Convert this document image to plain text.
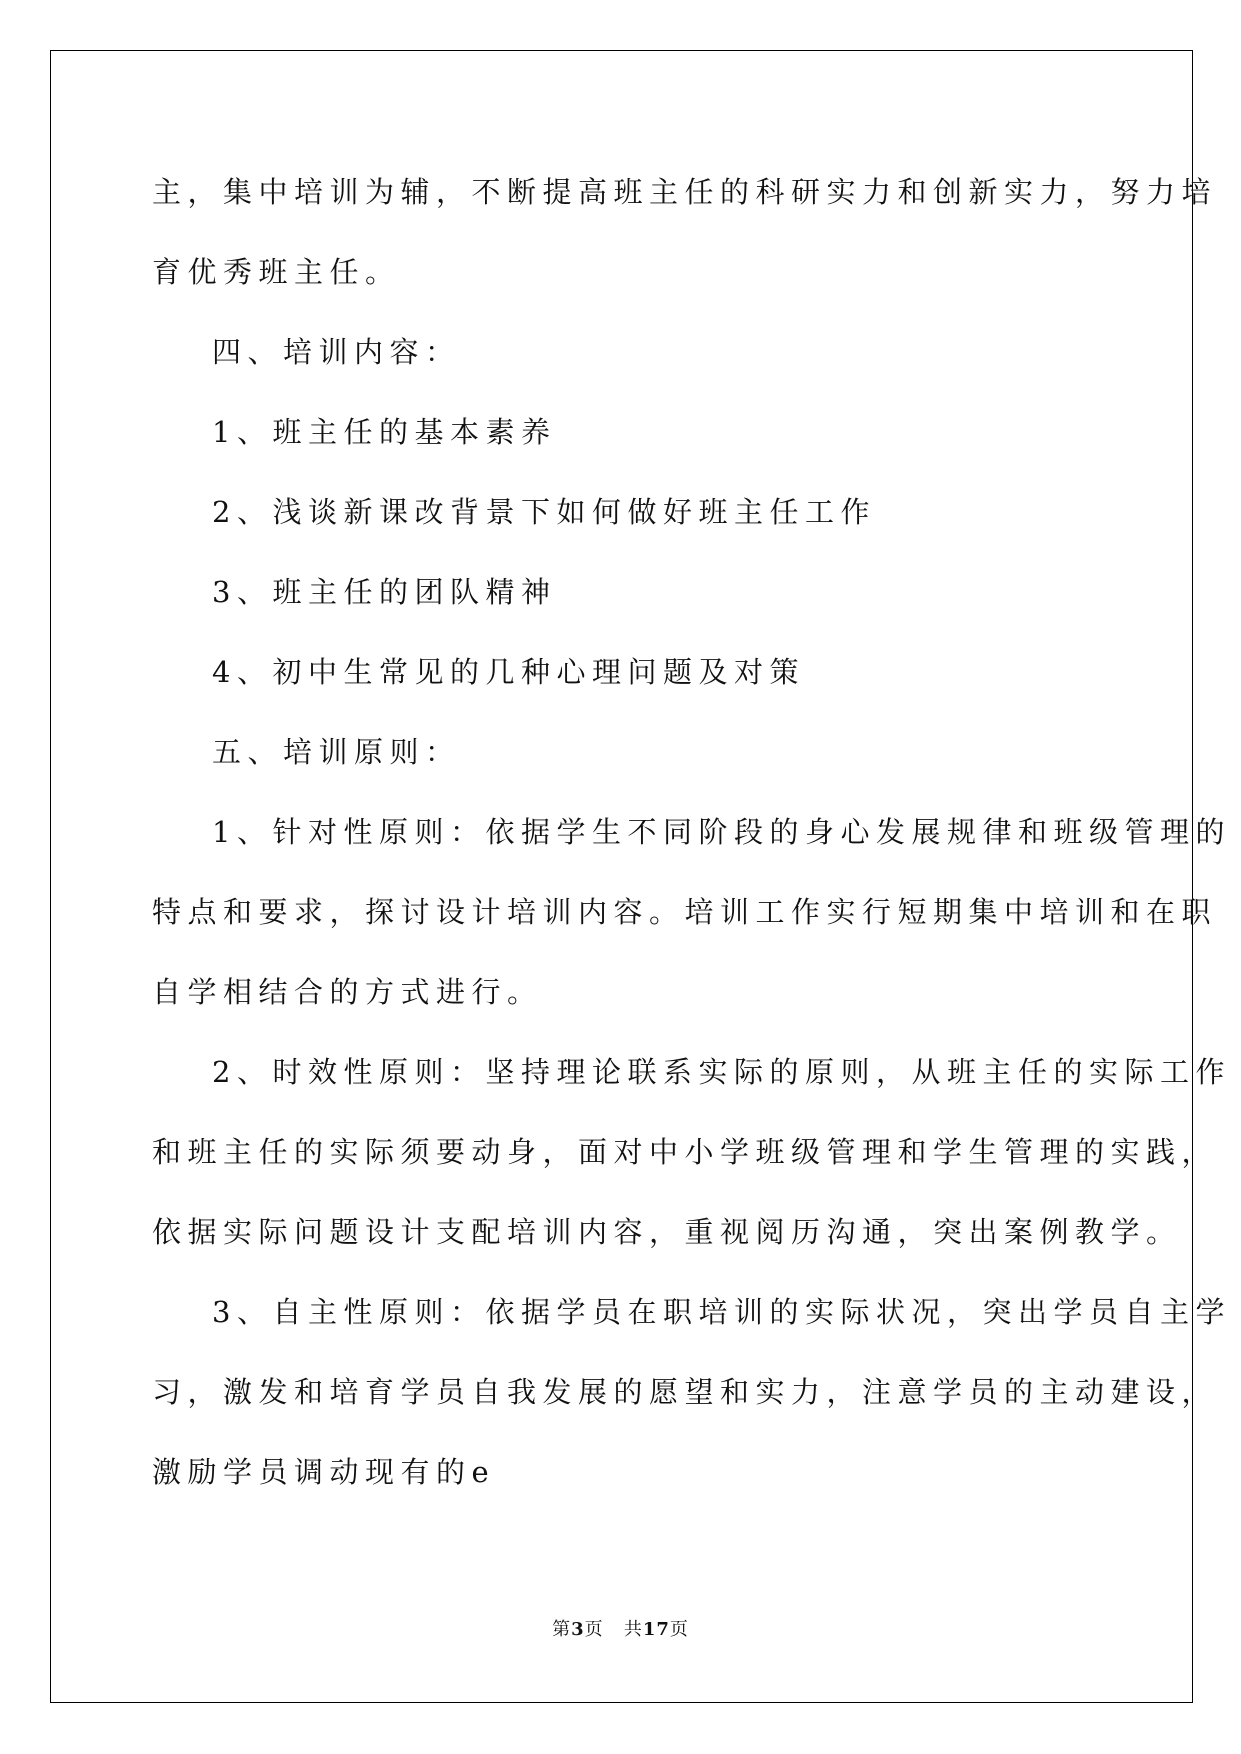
主，集中培训为辅，不断提高班主任的科研实力和创新实力，努力培
育优秀班主任。
四、培训内容：
1、班主任的基本素养
2、浅谈新课改背景下如何做好班主任工作
3、班主任的团队精神
4、初中生常见的几种心理问题及对策
五、培训原则：
1、针对性原则：依据学生不同阶段的身心发展规律和班级管理的
特点和要求，探讨设计培训内容。培训工作实行短期集中培训和在职
自学相结合的方式进行。
2、时效性原则：坚持理论联系实际的原则，从班主任的实际工作
和班主任的实际须要动身，面对中小学班级管理和学生管理的实践，
依据实际问题设计支配培训内容，重视阅历沟通，突出案例教学。
3、自主性原则：依据学员在职培训的实际状况，突出学员自主学
习，激发和培育学员自我发展的愿望和实力，注意学员的主动建设，
激励学员调动现有的e
第3页 共17页
